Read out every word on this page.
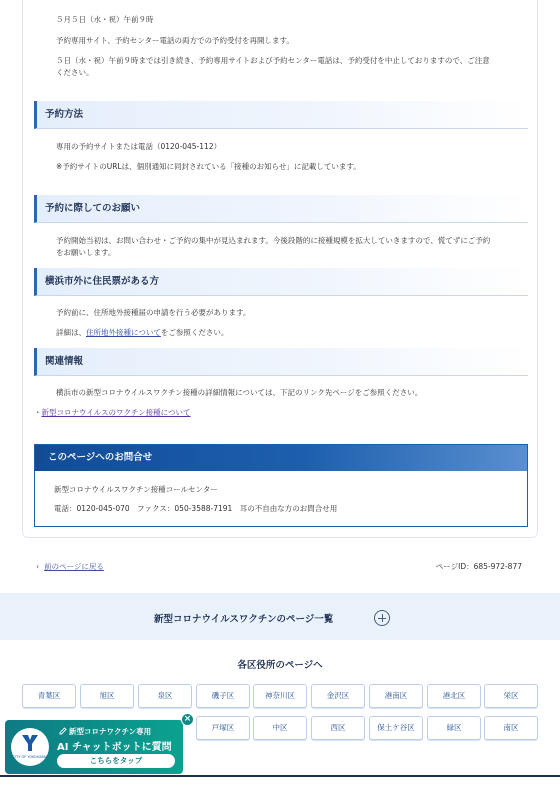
５月５日（水・祝）午前９時
予約専用サイト、予約センター電話の両方での予約受付を再開します。
５日（水・祝）午前９時までは引き続き、予約専用サイトおよび予約センター電話は、予約受付を中止しておりますので、ご注意
ください。
予約方法
専用の予約サイトまたは電話（0120-045-112）
※予約サイトのURLは、個別通知に同封されている「接種のお知らせ」に記載しています。
予約に際してのお願い
予約開始当初は、お問い合わせ・ご予約の集中が見込まれます。今後段階的に接種規模を拡大していきますので、慌てずにご予約
をお願いします。
横浜市外に住民票がある方
予約前に、住所地外接種届の申請を行う必要があります。
詳細は、住所地外接種についてをご参照ください。
関連情報
横浜市の新型コロナウイルスワクチン接種の詳細情報については、下記のリンク先ページをご参照ください。
・新型コロナウイルスのワクチン接種について
このページへのお問合せ
新型コロナウイルスワクチン接種コールセンター
電話：0120-045-070　ファクス：050-3588-7191　耳の不自由な方のお問合せ用
‹ 前のページに戻る	ページID：685-972-877
新型コロナウイルスワクチンのページ一覧
各区役所のページへ
青葉区	旭区	泉区	磯子区	神奈川区	金沢区	港南区	港北区	栄区
戸塚区	中区	西区	保土ケ谷区	緑区	南区
CITY OF YOKOHAMA
新型コロナワクチン専用
AI チャットボットに質問
こちらをタップ
×
